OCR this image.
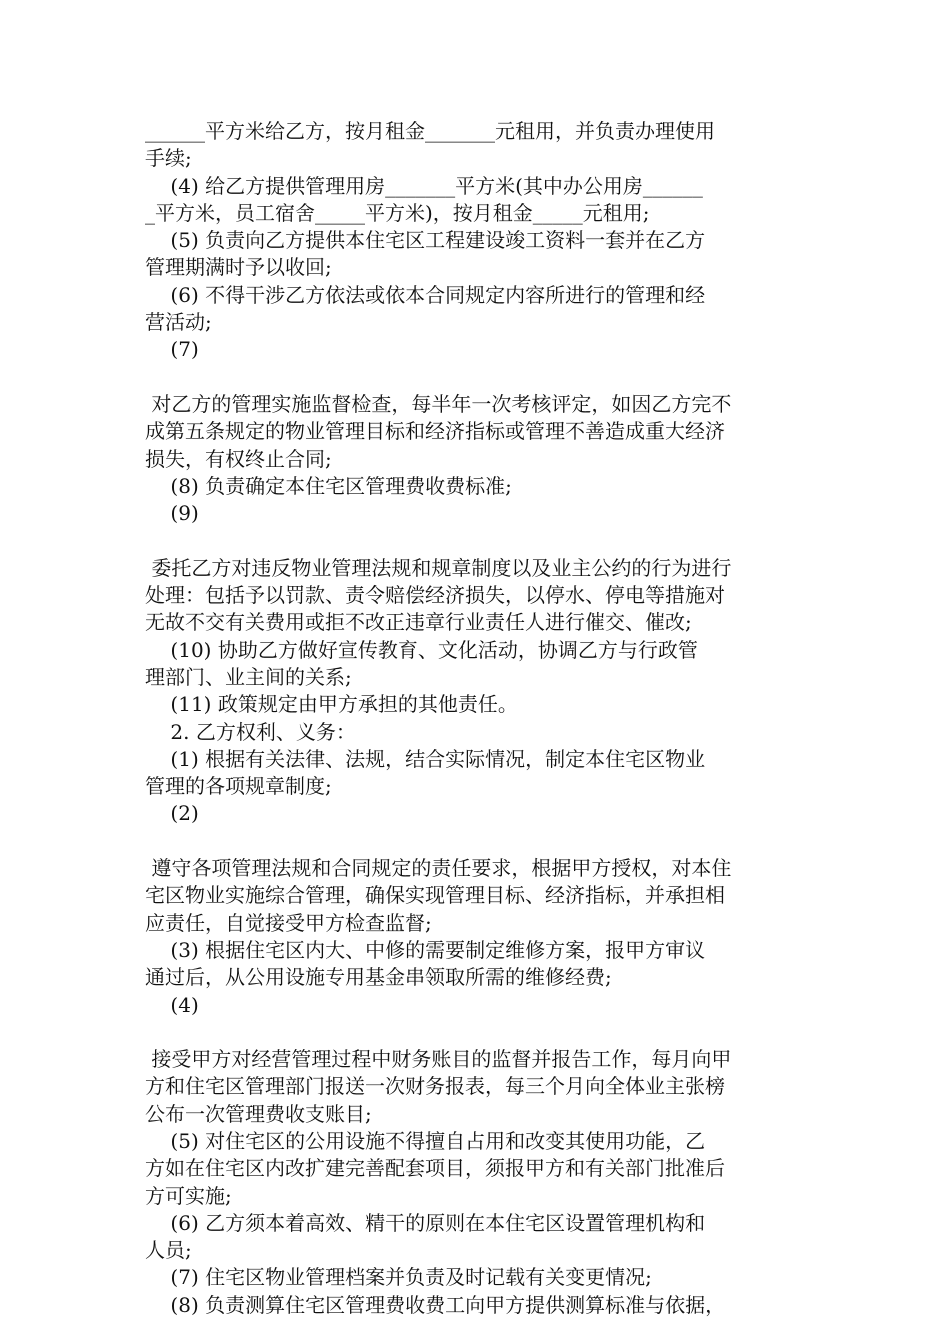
______平方米给乙方，按月租金_______元租用，并负责办理使用
手续;
(4) 给乙方提供管理用房_______平方米(其中办公用房______
_平方米，员工宿舍_____平方米)，按月租金_____元租用;
(5) 负责向乙方提供本住宅区工程建设竣工资料一套并在乙方
管理期满时予以收回;
(6) 不得干涉乙方依法或依本合同规定内容所进行的管理和经
营活动;
(7)
对乙方的管理实施监督检查，每半年一次考核评定，如因乙方完不
成第五条规定的物业管理目标和经济指标或管理不善造成重大经济
损失，有权终止合同;
(8) 负责确定本住宅区管理费收费标准;
(9)
委托乙方对违反物业管理法规和规章制度以及业主公约的行为进行
处理：包括予以罚款、责令赔偿经济损失，以停水、停电等措施对
无故不交有关费用或拒不改正违章行业责任人进行催交、催改;
(10) 协助乙方做好宣传教育、文化活动，协调乙方与行政管
理部门、业主间的关系;
(11) 政策规定由甲方承担的其他责任。
2. 乙方权利、义务：
(1) 根据有关法律、法规，结合实际情况，制定本住宅区物业
管理的各项规章制度;
(2)
遵守各项管理法规和合同规定的责任要求，根据甲方授权，对本住
宅区物业实施综合管理，确保实现管理目标、经济指标，并承担相
应责任，自觉接受甲方检查监督;
(3) 根据住宅区内大、中修的需要制定维修方案，报甲方审议
通过后，从公用设施专用基金串领取所需的维修经费;
(4)
接受甲方对经营管理过程中财务账目的监督并报告工作，每月向甲
方和住宅区管理部门报送一次财务报表，每三个月向全体业主张榜
公布一次管理费收支账目;
(5) 对住宅区的公用设施不得擅自占用和改变其使用功能，乙
方如在住宅区内改扩建完善配套项目，须报甲方和有关部门批准后
方可实施;
(6) 乙方须本着高效、精干的原则在本住宅区设置管理机构和
人员;
(7) 住宅区物业管理档案并负责及时记载有关变更情况;
(8) 负责测算住宅区管理费收费工向甲方提供测算标准与依据，
